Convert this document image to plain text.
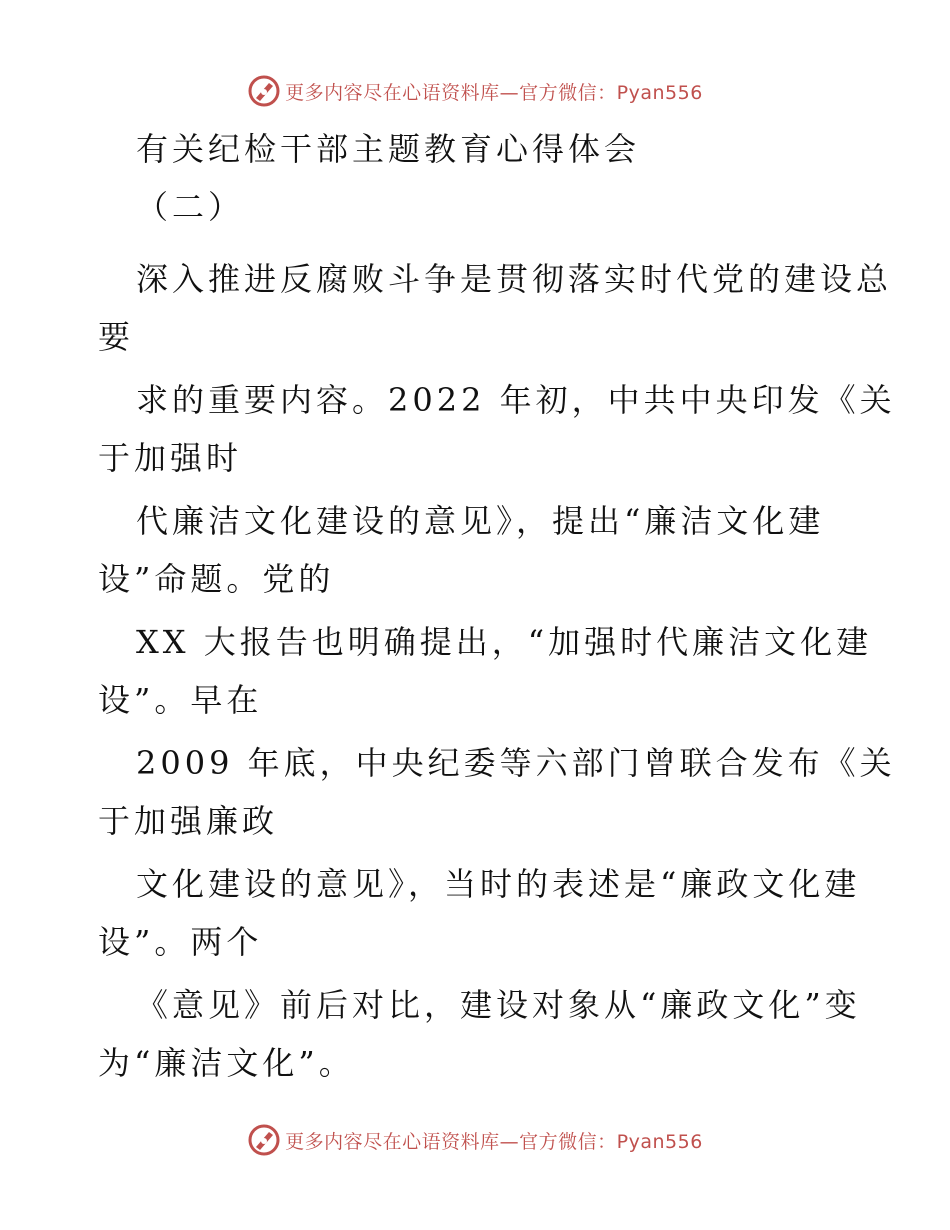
更多内容尽在心语资料库—官方微信：Pyan556
有关纪检干部主题教育心得体会
（二）
深入推进反腐败斗争是贯彻落实时代党的建设总
要
求的重要内容。2022 年初，中共中央印发《关
于加强时
代廉洁文化建设的意见》，提出“廉洁文化建
设”命题。党的
XX 大报告也明确提出，“加强时代廉洁文化建
设”。早在
2009 年底，中央纪委等六部门曾联合发布《关
于加强廉政
文化建设的意见》，当时的表述是“廉政文化建
设”。两个
《意见》前后对比，建设对象从“廉政文化”变
为“廉洁文化”。
更多内容尽在心语资料库—官方微信：Pyan556
